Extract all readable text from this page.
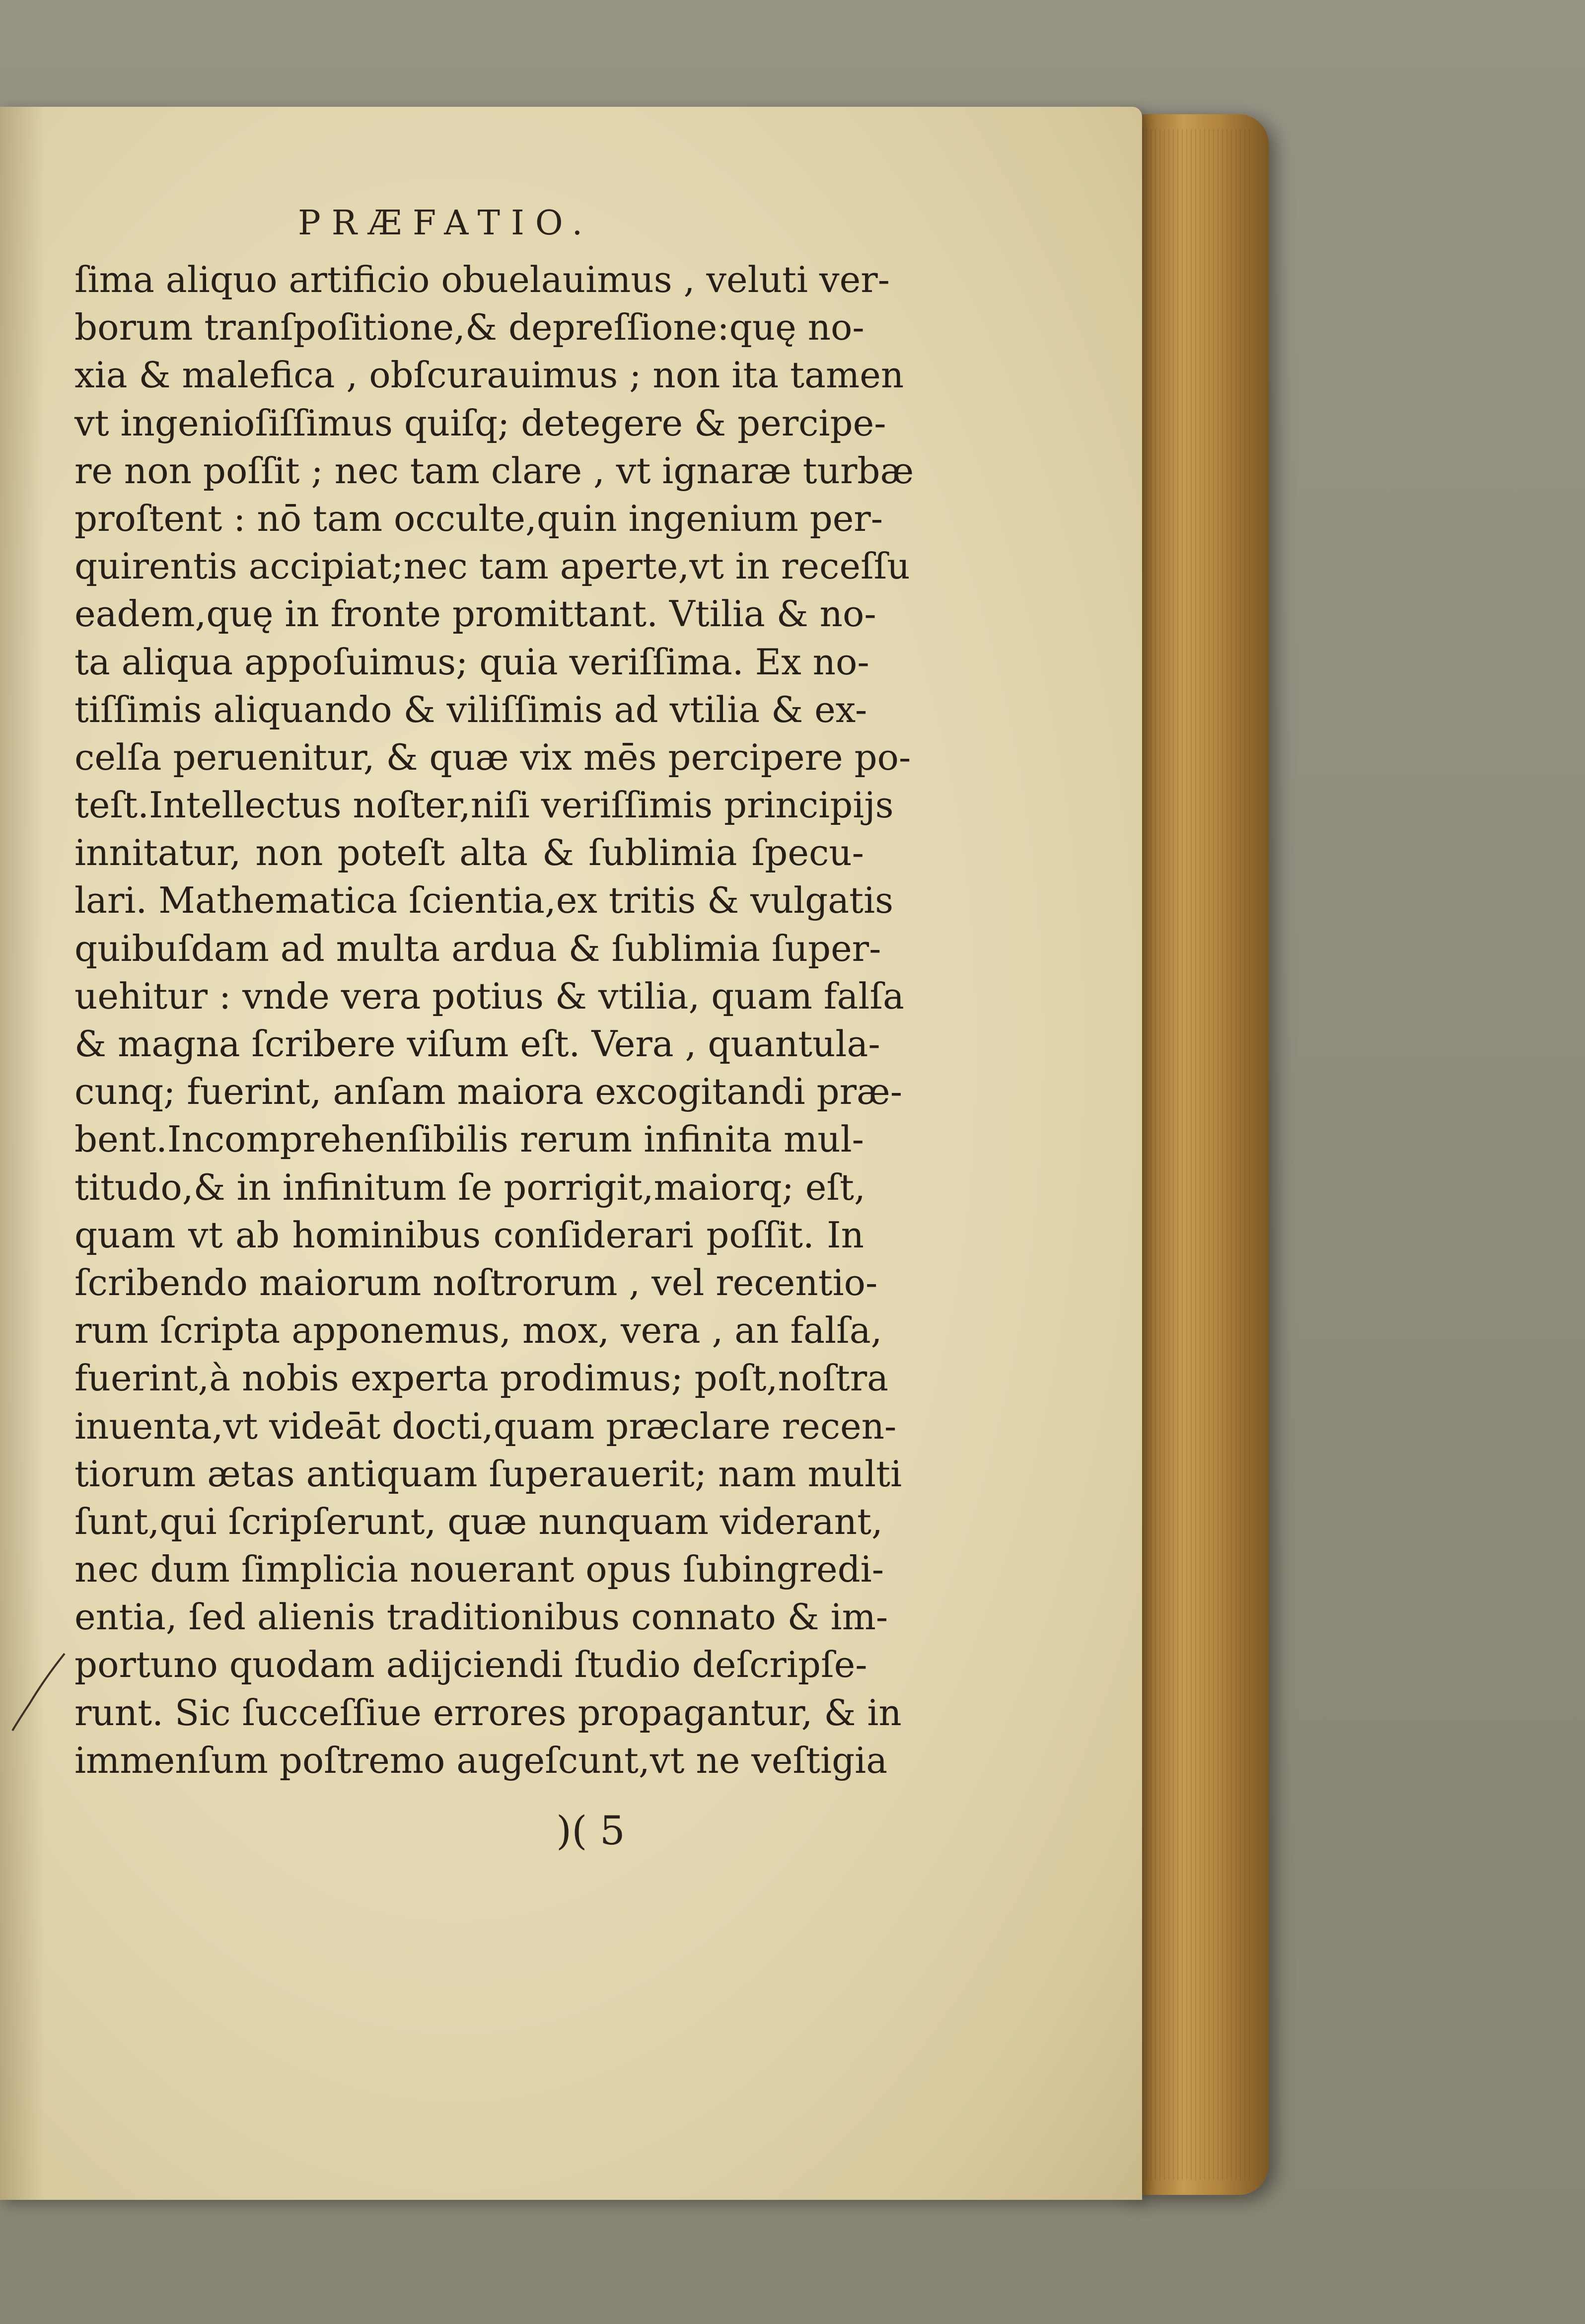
PRÆFATIO.
ſima aliquo artificio obuelauimus , veluti ver-
borum tranſpoſitione,& depreſſione:quę no-
xia & malefica , obſcurauimus ; non ita tamen
vt ingenioſiſſimus quiſq; detegere & percipe-
re non poſſit ; nec tam clare , vt ignaræ turbæ
proſtent : nō tam occulte,quin ingenium per-
quirentis accipiat;nec tam aperte,vt in receſſu
eadem,quę in fronte promittant. Vtilia & no-
ta aliqua appoſuimus; quia veriſſima. Ex no-
tiſſimis aliquando & viliſſimis ad vtilia & ex-
celſa peruenitur, & quæ vix mēs percipere po-
teſt.Intellectus noſter,niſi veriſſimis principijs
innitatur, non poteſt alta & ſublimia ſpecu-
lari. Mathematica ſcientia,ex tritis & vulgatis
quibuſdam ad multa ardua & ſublimia ſuper-
uehitur : vnde vera potius & vtilia, quam falſa
& magna ſcribere viſum eſt. Vera , quantula-
cunq; fuerint, anſam maiora excogitandi præ-
bent.Incomprehenſibilis rerum infinita mul-
titudo,& in infinitum ſe porrigit,maiorq; eſt,
quam vt ab hominibus conſiderari poſſit. In
ſcribendo maiorum noſtrorum , vel recentio-
rum ſcripta apponemus, mox, vera , an falſa,
fuerint,à nobis experta prodimus; poſt,noſtra
inuenta,vt videāt docti,quam præclare recen-
tiorum ætas antiquam ſuperauerit; nam multi
ſunt,qui ſcripſerunt, quæ nunquam viderant,
nec dum ſimplicia nouerant opus ſubingredi-
entia, ſed alienis traditionibus connato & im-
portuno quodam adijciendi ſtudio deſcripſe-
runt. Sic ſucceſſiue errores propagantur, & in
immenſum poſtremo augeſcunt,vt ne veſtigia
)( 5
